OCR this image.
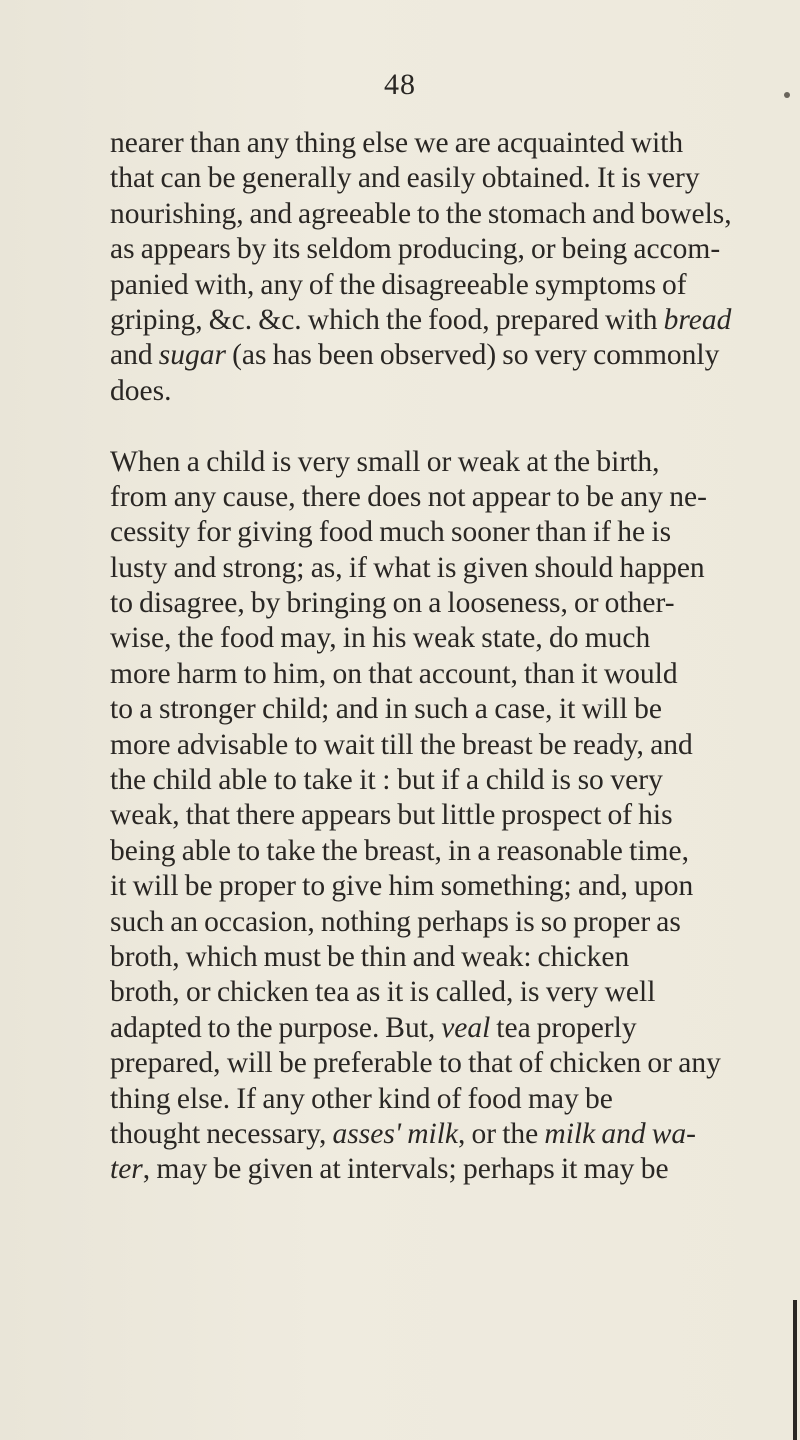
48
nearer than any thing else we are acquainted with
that can be generally and easily obtained. It is very
nourishing, and agreeable to the stomach and bowels,
as appears by its seldom producing, or being accom-
panied with, any of the disagreeable symptoms of
griping, &c. &c. which the food, prepared with bread
and sugar (as has been observed) so very commonly
does.
When a child is very small or weak at the birth,
from any cause, there does not appear to be any ne-
cessity for giving food much sooner than if he is
lusty and strong; as, if what is given should happen
to disagree, by bringing on a looseness, or other-
wise, the food may, in his weak state, do much
more harm to him, on that account, than it would
to a stronger child; and in such a case, it will be
more advisable to wait till the breast be ready, and
the child able to take it : but if a child is so very
weak, that there appears but little prospect of his
being able to take the breast, in a reasonable time,
it will be proper to give him something; and, upon
such an occasion, nothing perhaps is so proper as
broth, which must be thin and weak: chicken
broth, or chicken tea as it is called, is very well
adapted to the purpose. But, veal tea properly
prepared, will be preferable to that of chicken or any
thing else. If any other kind of food may be
thought necessary, asses' milk, or the milk and wa-
ter, may be given at intervals; perhaps it may be
